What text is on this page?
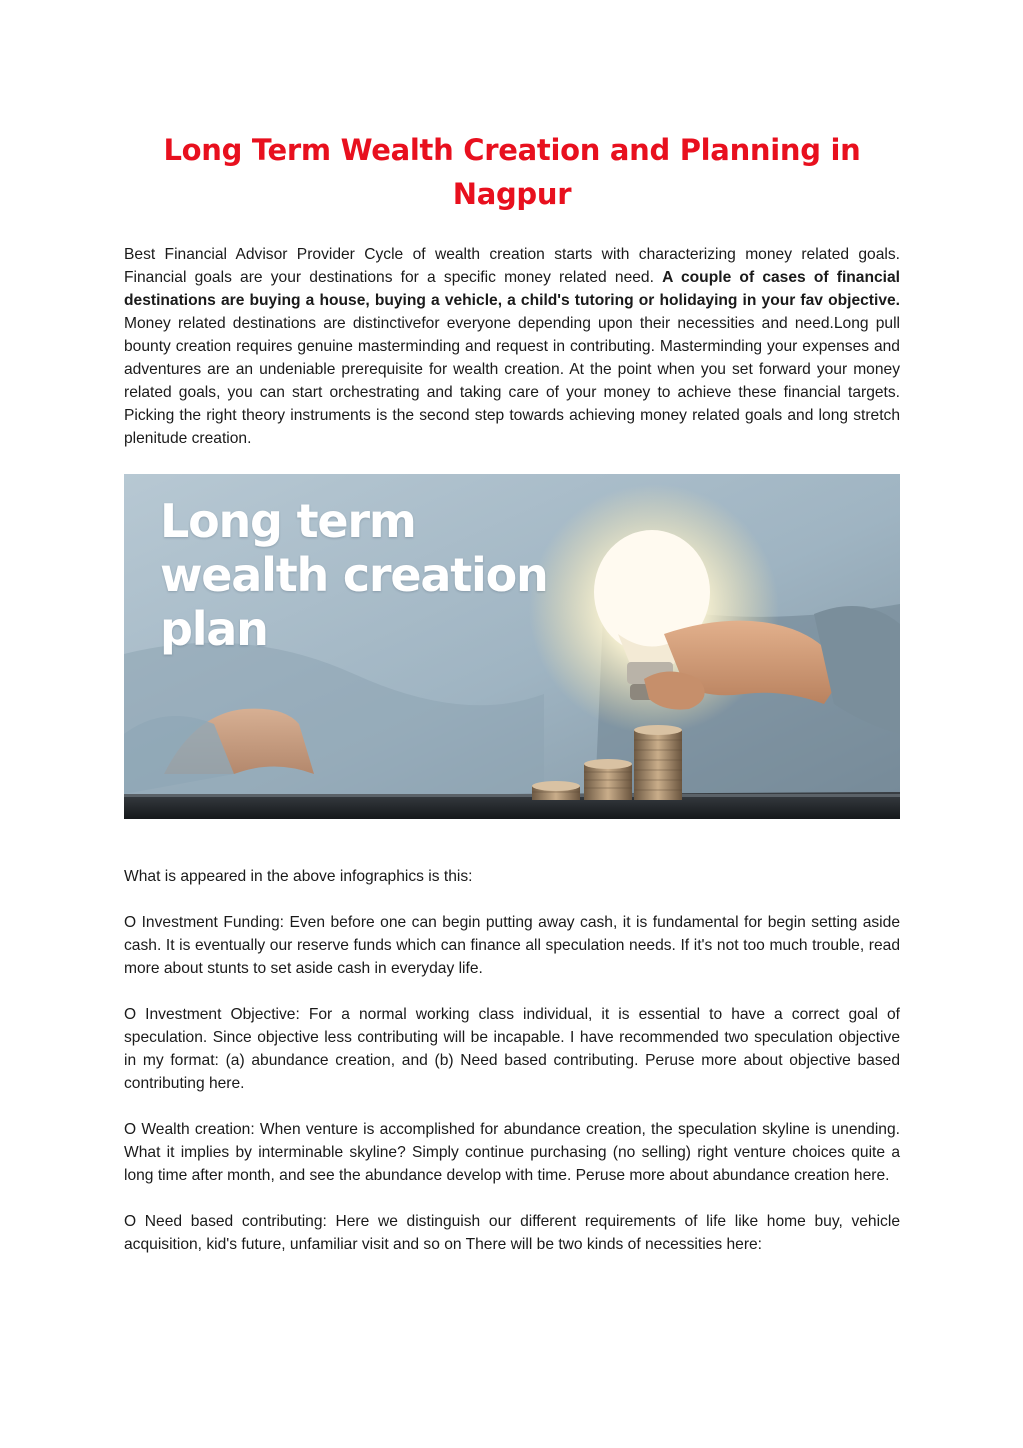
Long Term Wealth Creation and Planning in Nagpur

Best Financial Advisor Provider Cycle of wealth creation starts with characterizing money related goals. Financial goals are your destinations for a specific money related need. A couple of cases of financial destinations are buying a house, buying a vehicle, a child's tutoring or holidaying in your fav objective. Money related destinations are distinctivefor everyone depending upon their necessities and need.Long pull bounty creation requires genuine masterminding and request in contributing. Masterminding your expenses and adventures are an undeniable prerequisite for wealth creation. At the point when you set forward your money related goals, you can start orchestrating and taking care of your money to achieve these financial targets. Picking the right theory instruments is the second step towards achieving money related goals and long stretch plenitude creation.

Long term
wealth creation
plan

What is appeared in the above infographics is this:

O Investment Funding: Even before one can begin putting away cash, it is fundamental for begin setting aside cash. It is eventually our reserve funds which can finance all speculation needs. If it's not too much trouble, read more about stunts to set aside cash in everyday life.

O Investment Objective: For a normal working class individual, it is essential to have a correct goal of speculation. Since objective less contributing will be incapable. I have recommended two speculation objective in my format: (a) abundance creation, and (b) Need based contributing. Peruse more about objective based contributing here.

O Wealth creation: When venture is accomplished for abundance creation, the speculation skyline is unending. What it implies by interminable skyline? Simply continue purchasing (no selling) right venture choices quite a long time after month, and see the abundance develop with time. Peruse more about abundance creation here.

O Need based contributing: Here we distinguish our different requirements of life like home buy, vehicle acquisition, kid's future, unfamiliar visit and so on There will be two kinds of necessities here:
